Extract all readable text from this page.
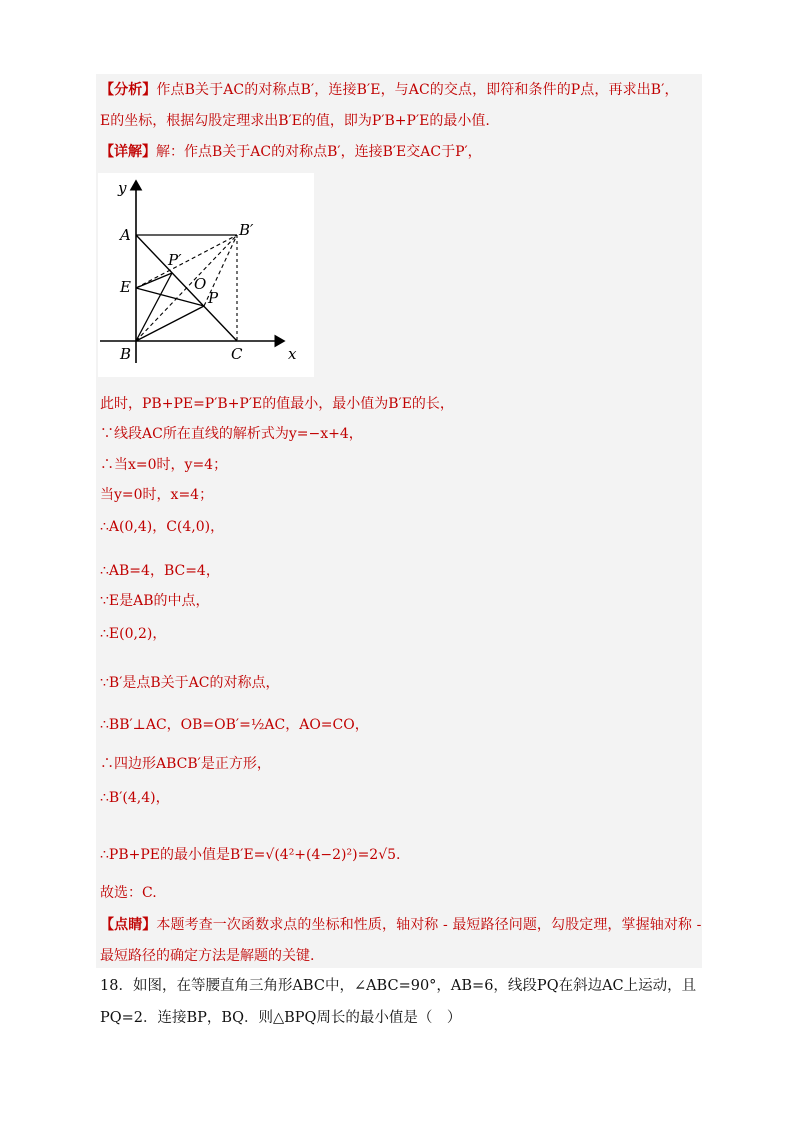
【分析】作点B关于AC的对称点B′，连接B′E，与AC的交点，即符和条件的P点，再求出B′，
E的坐标，根据勾股定理求出B′E的值，即为P′B+P′E的最小值.
【详解】解：作点B关于AC的对称点B′，连接B′E交AC于P′，
y
x
A
B	C
E	O
P
P′
B′
此时，PB+PE=P′B+P′E的值最小，最小值为B′E的长，
∵线段AC所在直线的解析式为y=−x+4，
∴当x=0时，y=4；
当y=0时，x=4；
∴A(0,4)，C(4,0)，
∴AB=4，BC=4，
∵E是AB的中点，
∴E(0,2)，
∵B′是点B关于AC的对称点，
∴BB′⊥AC，OB=OB′=½AC，AO=CO，
∴四边形ABCB′是正方形，
∴B′(4,4)，
∴PB+PE的最小值是B′E=√(4²+(4−2)²)=2√5.
故选：C.
【点睛】本题考查一次函数求点的坐标和性质，轴对称 - 最短路径问题，勾股定理，掌握轴对称 -
最短路径的确定方法是解题的关键.
18．如图，在等腰直角三角形ABC中，∠ABC=90°，AB=6，线段PQ在斜边AC上运动，且
PQ=2．连接BP，BQ．则△BPQ周长的最小值是（　）
